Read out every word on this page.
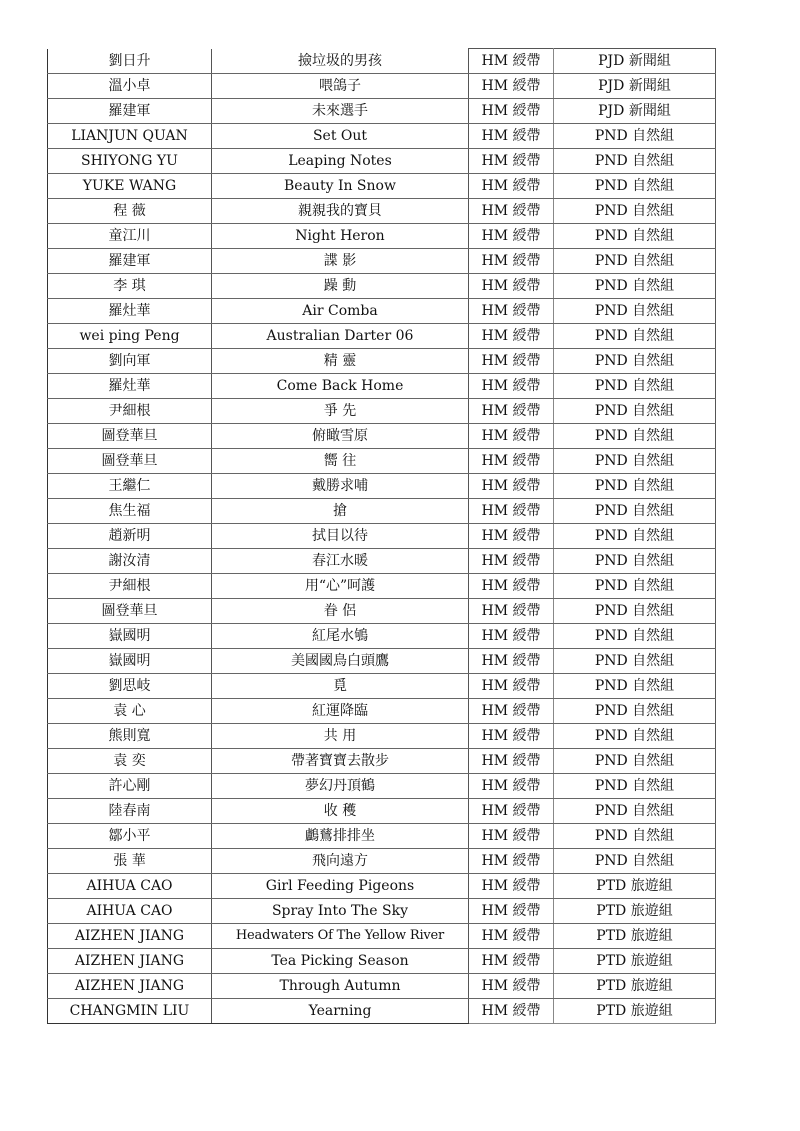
劉日升	撿垃圾的男孩	HM 綬帶	PJD 新聞組
溫小卓	喂鴿子	HM 綬帶	PJD 新聞組
羅建軍	未來選手	HM 綬帶	PJD 新聞組
LIANJUN QUAN	Set Out	HM 綬帶	PND 自然組
SHIYONG YU	Leaping Notes	HM 綬帶	PND 自然組
YUKE WANG	Beauty In Snow	HM 綬帶	PND 自然組
程 薇	親親我的寶貝	HM 綬帶	PND 自然組
童江川	Night Heron	HM 綬帶	PND 自然組
羅建軍	諜 影	HM 綬帶	PND 自然組
李 琪	躁 動	HM 綬帶	PND 自然組
羅灶華	Air Comba	HM 綬帶	PND 自然組
wei ping Peng	Australian Darter 06	HM 綬帶	PND 自然組
劉向軍	精 靈	HM 綬帶	PND 自然組
羅灶華	Come Back Home	HM 綬帶	PND 自然組
尹細根	爭 先	HM 綬帶	PND 自然組
圖登華旦	俯瞰雪原	HM 綬帶	PND 自然組
圖登華旦	嚮 往	HM 綬帶	PND 自然組
王繼仁	戴勝求哺	HM 綬帶	PND 自然組
焦生福	搶	HM 綬帶	PND 自然組
趙新明	拭目以待	HM 綬帶	PND 自然組
謝汝清	春江水暖	HM 綬帶	PND 自然組
尹細根	用“心”呵護	HM 綬帶	PND 自然組
圖登華旦	眷 侶	HM 綬帶	PND 自然組
嶽國明	紅尾水鴝	HM 綬帶	PND 自然組
嶽國明	美國國鳥白頭鷹	HM 綬帶	PND 自然組
劉思岐	覓	HM 綬帶	PND 自然組
袁 心	紅運降臨	HM 綬帶	PND 自然組
熊則寬	共 用	HM 綬帶	PND 自然組
袁 奕	帶著寶寶去散步	HM 綬帶	PND 自然組
許心剛	夢幻丹頂鶴	HM 綬帶	PND 自然組
陸春南	收 穫	HM 綬帶	PND 自然組
鄒小平	鸕鶿排排坐	HM 綬帶	PND 自然組
張 華	飛向遠方	HM 綬帶	PND 自然組
AIHUA CAO	Girl Feeding Pigeons	HM 綬帶	PTD 旅遊組
AIHUA CAO	Spray Into The Sky	HM 綬帶	PTD 旅遊組
AIZHEN JIANG	Headwaters Of The Yellow River	HM 綬帶	PTD 旅遊組
AIZHEN JIANG	Tea Picking Season	HM 綬帶	PTD 旅遊組
AIZHEN JIANG	Through Autumn	HM 綬帶	PTD 旅遊組
CHANGMIN LIU	Yearning	HM 綬帶	PTD 旅遊組
